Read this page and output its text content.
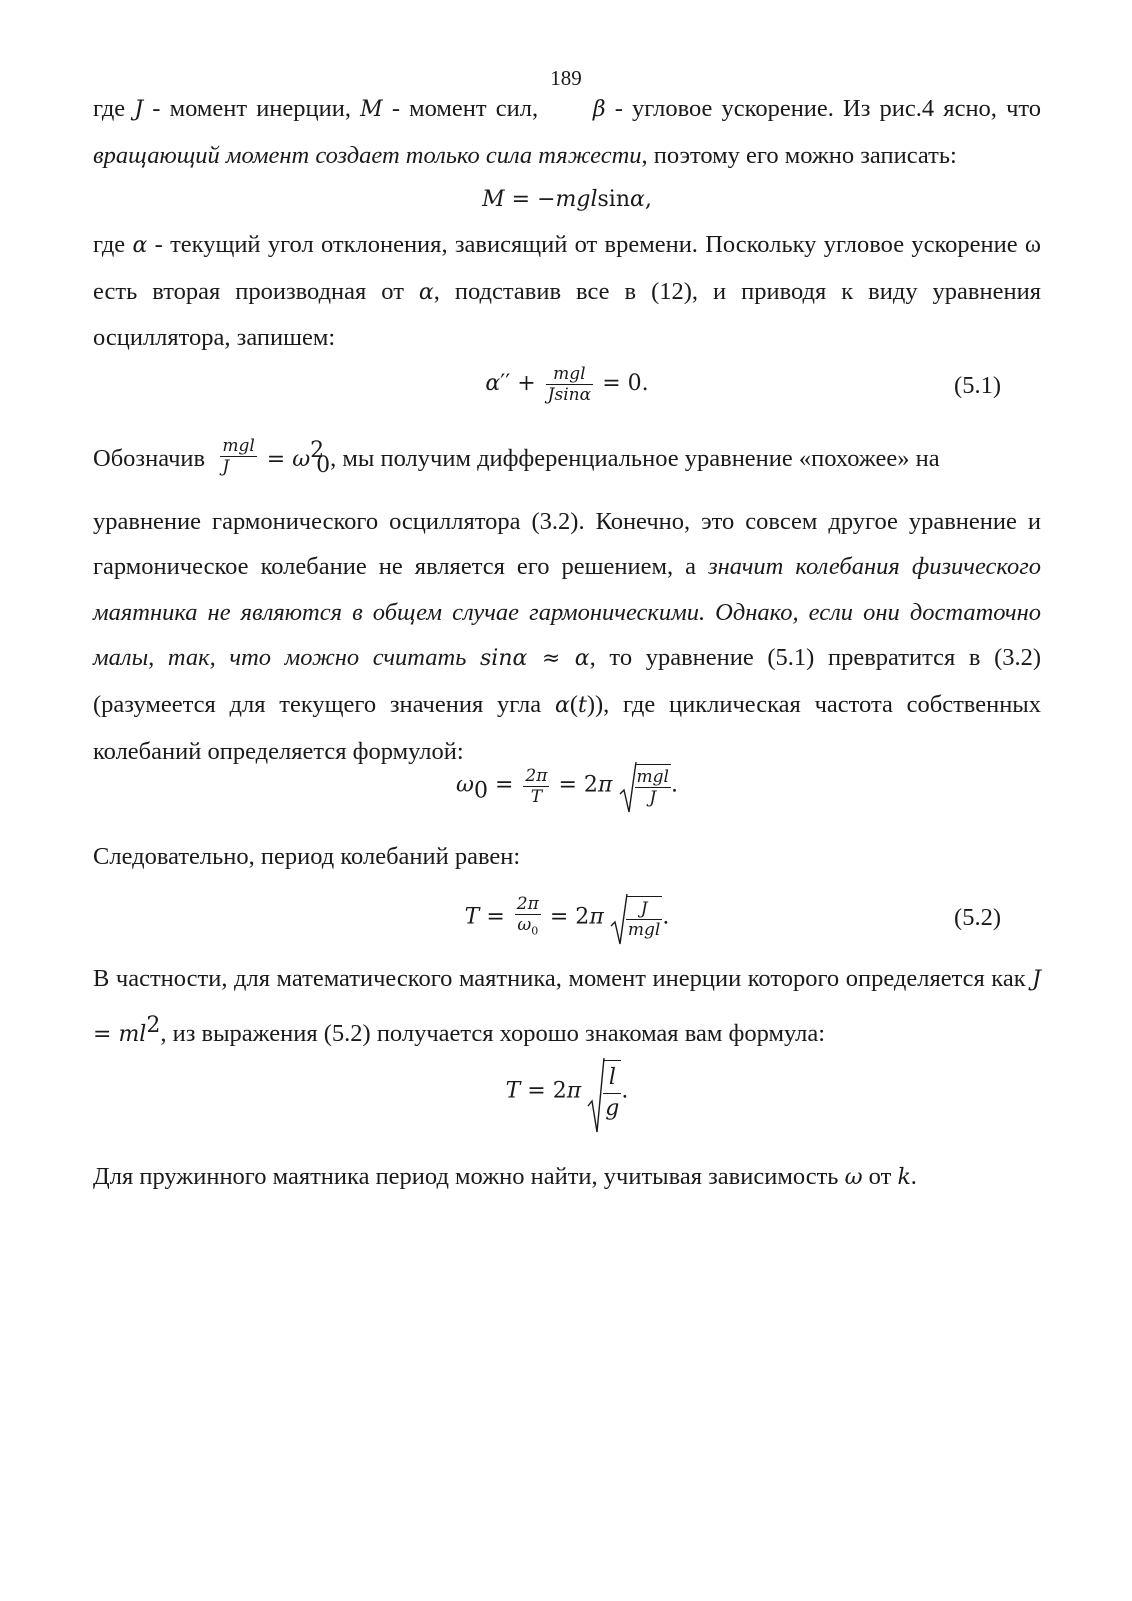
189
где J - момент инерции, M - момент сил, β - угловое ускорение. Из рис.4 ясно, что вращающий момент создает только сила тяжести, поэтому его можно записать:
M = −mglsinα,
где α - текущий угол отклонения, зависящий от времени. Поскольку угловое ускорение ω есть вторая производная от α, подставив все в (12), и приводя к виду уравнения осциллятора, запишем:
$\alpha'' + \frac{\text{mgl}}{Jsin\alpha} = 0$.	(5.1)
Обозначив $\frac{\text{mgl}}{J} = \omega^2_0$, мы получим дифференциальное уравнение «похожее» на
уравнение гармонического осциллятора (3.2). Конечно, это совсем другое уравнение и гармоническое колебание не является его решением, а значит колебания физического маятника не являются в общем случае гармоническими. Однако, если они достаточно малы, так, что можно считать sinα ≈ α, то уравнение (5.1) превратится в (3.2) (разумеется для текущего значения угла α(t)), где циклическая частота собственных колебаний определяется формулой:
$\omega_0 = \frac{2\pi}{T} = 2\pi \frac{\text{mgl}}{J}$ .
Следовательно, период колебаний равен:
$T = \frac{2\pi}{\omega_0} = 2\pi \frac{J}{\text{mgl}}$ .	(5.2)
В частности, для математического маятника, момент инерции которого определяется как $J = ml^2$, из выражения (5.2) получается хорошо знакомая вам формула:
$T = 2\pi \frac{l}{g}$ .
Для пружинного маятника период можно найти, учитывая зависимость ω от k.
